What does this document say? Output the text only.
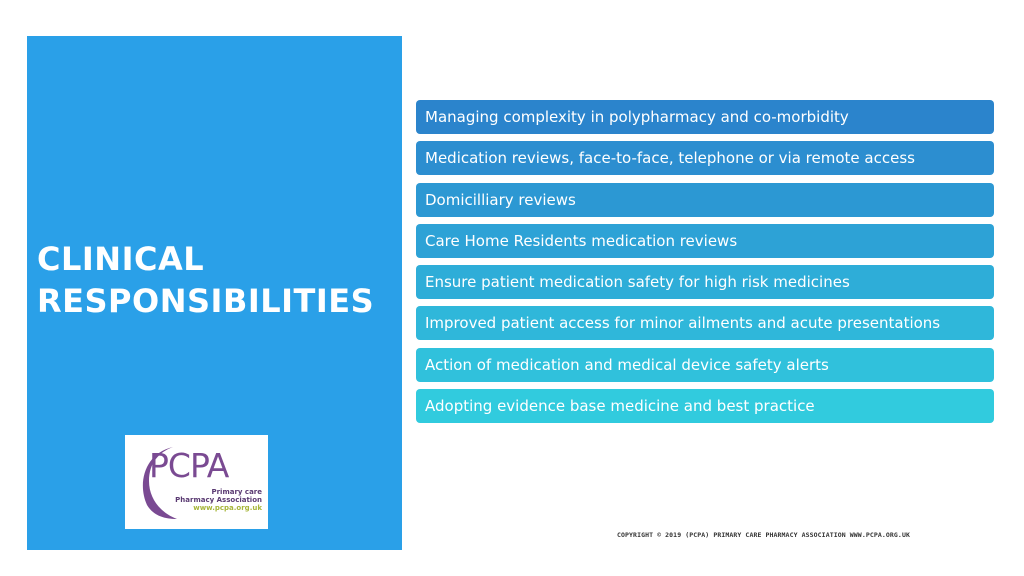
CLINICAL
RESPONSIBILITIES
PCPA
Primary care
Pharmacy Association
www.pcpa.org.uk
Managing complexity in polypharmacy and co-morbidity
Medication reviews, face-to-face, telephone or via remote access
Domicilliary reviews
Care Home Residents medication reviews
Ensure patient medication safety for high risk medicines
Improved patient access for minor ailments and acute presentations
Action of medication and medical device safety alerts
Adopting evidence base medicine and best practice
COPYRIGHT © 2019 (PCPA) PRIMARY CARE PHARMACY ASSOCIATION WWW.PCPA.ORG.UK
